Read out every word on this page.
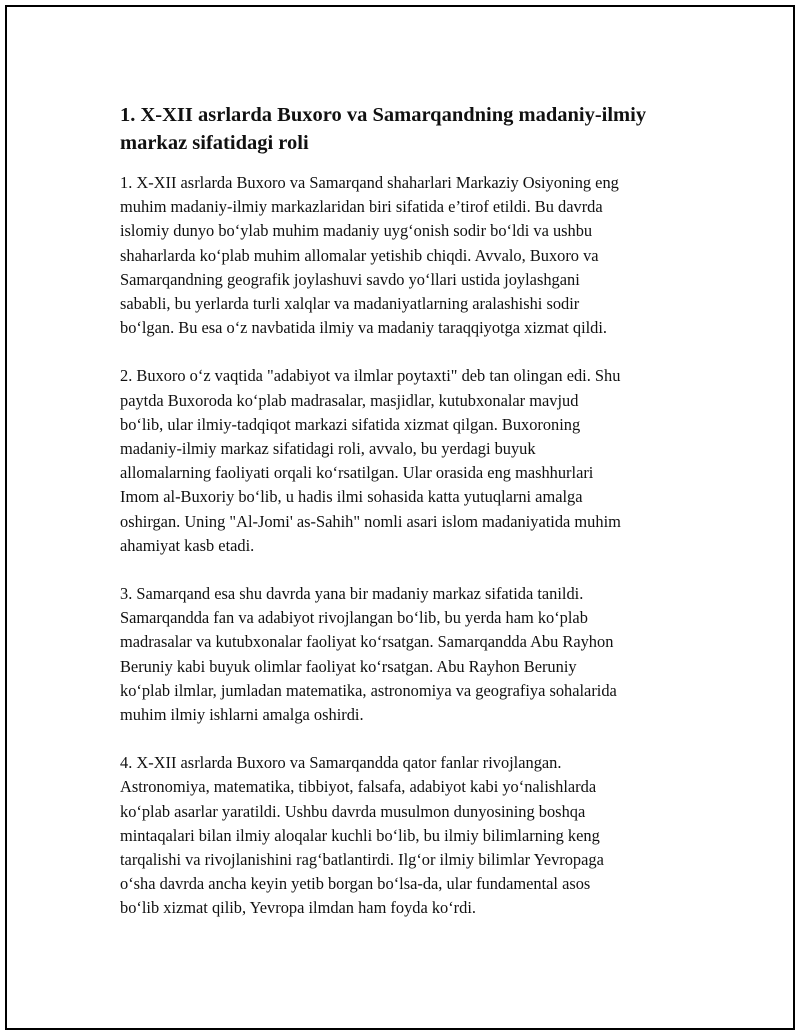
1. X-XII asrlarda Buxoro va Samarqandning madaniy-ilmiy
markaz sifatidagi roli

1. X-XII asrlarda Buxoro va Samarqand shaharlari Markaziy Osiyoning eng
muhim madaniy-ilmiy markazlaridan biri sifatida e’tirof etildi. Bu davrda
islomiy dunyo bo‘ylab muhim madaniy uyg‘onish sodir bo‘ldi va ushbu
shaharlarda ko‘plab muhim allomalar yetishib chiqdi. Avvalo, Buxoro va
Samarqandning geografik joylashuvi savdo yo‘llari ustida joylashgani
sababli, bu yerlarda turli xalqlar va madaniyatlarning aralashishi sodir
bo‘lgan. Bu esa o‘z navbatida ilmiy va madaniy taraqqiyotga xizmat qildi.

2. Buxoro o‘z vaqtida "adabiyot va ilmlar poytaxti" deb tan olingan edi. Shu
paytda Buxoroda ko‘plab madrasalar, masjidlar, kutubxonalar mavjud
bo‘lib, ular ilmiy-tadqiqot markazi sifatida xizmat qilgan. Buxoroning
madaniy-ilmiy markaz sifatidagi roli, avvalo, bu yerdagi buyuk
allomalarning faoliyati orqali ko‘rsatilgan. Ular orasida eng mashhurlari
Imom al-Buxoriy bo‘lib, u hadis ilmi sohasida katta yutuqlarni amalga
oshirgan. Uning "Al-Jomi' as-Sahih" nomli asari islom madaniyatida muhim
ahamiyat kasb etadi.

3. Samarqand esa shu davrda yana bir madaniy markaz sifatida tanildi.
Samarqandda fan va adabiyot rivojlangan bo‘lib, bu yerda ham ko‘plab
madrasalar va kutubxonalar faoliyat ko‘rsatgan. Samarqandda Abu Rayhon
Beruniy kabi buyuk olimlar faoliyat ko‘rsatgan. Abu Rayhon Beruniy
ko‘plab ilmlar, jumladan matematika, astronomiya va geografiya sohalarida
muhim ilmiy ishlarni amalga oshirdi.

4. X-XII asrlarda Buxoro va Samarqandda qator fanlar rivojlangan.
Astronomiya, matematika, tibbiyot, falsafa, adabiyot kabi yo‘nalishlarda
ko‘plab asarlar yaratildi. Ushbu davrda musulmon dunyosining boshqa
mintaqalari bilan ilmiy aloqalar kuchli bo‘lib, bu ilmiy bilimlarning keng
tarqalishi va rivojlanishini rag‘batlantirdi. Ilg‘or ilmiy bilimlar Yevropaga
o‘sha davrda ancha keyin yetib borgan bo‘lsa-da, ular fundamental asos
bo‘lib xizmat qilib, Yevropa ilmdan ham foyda ko‘rdi.
